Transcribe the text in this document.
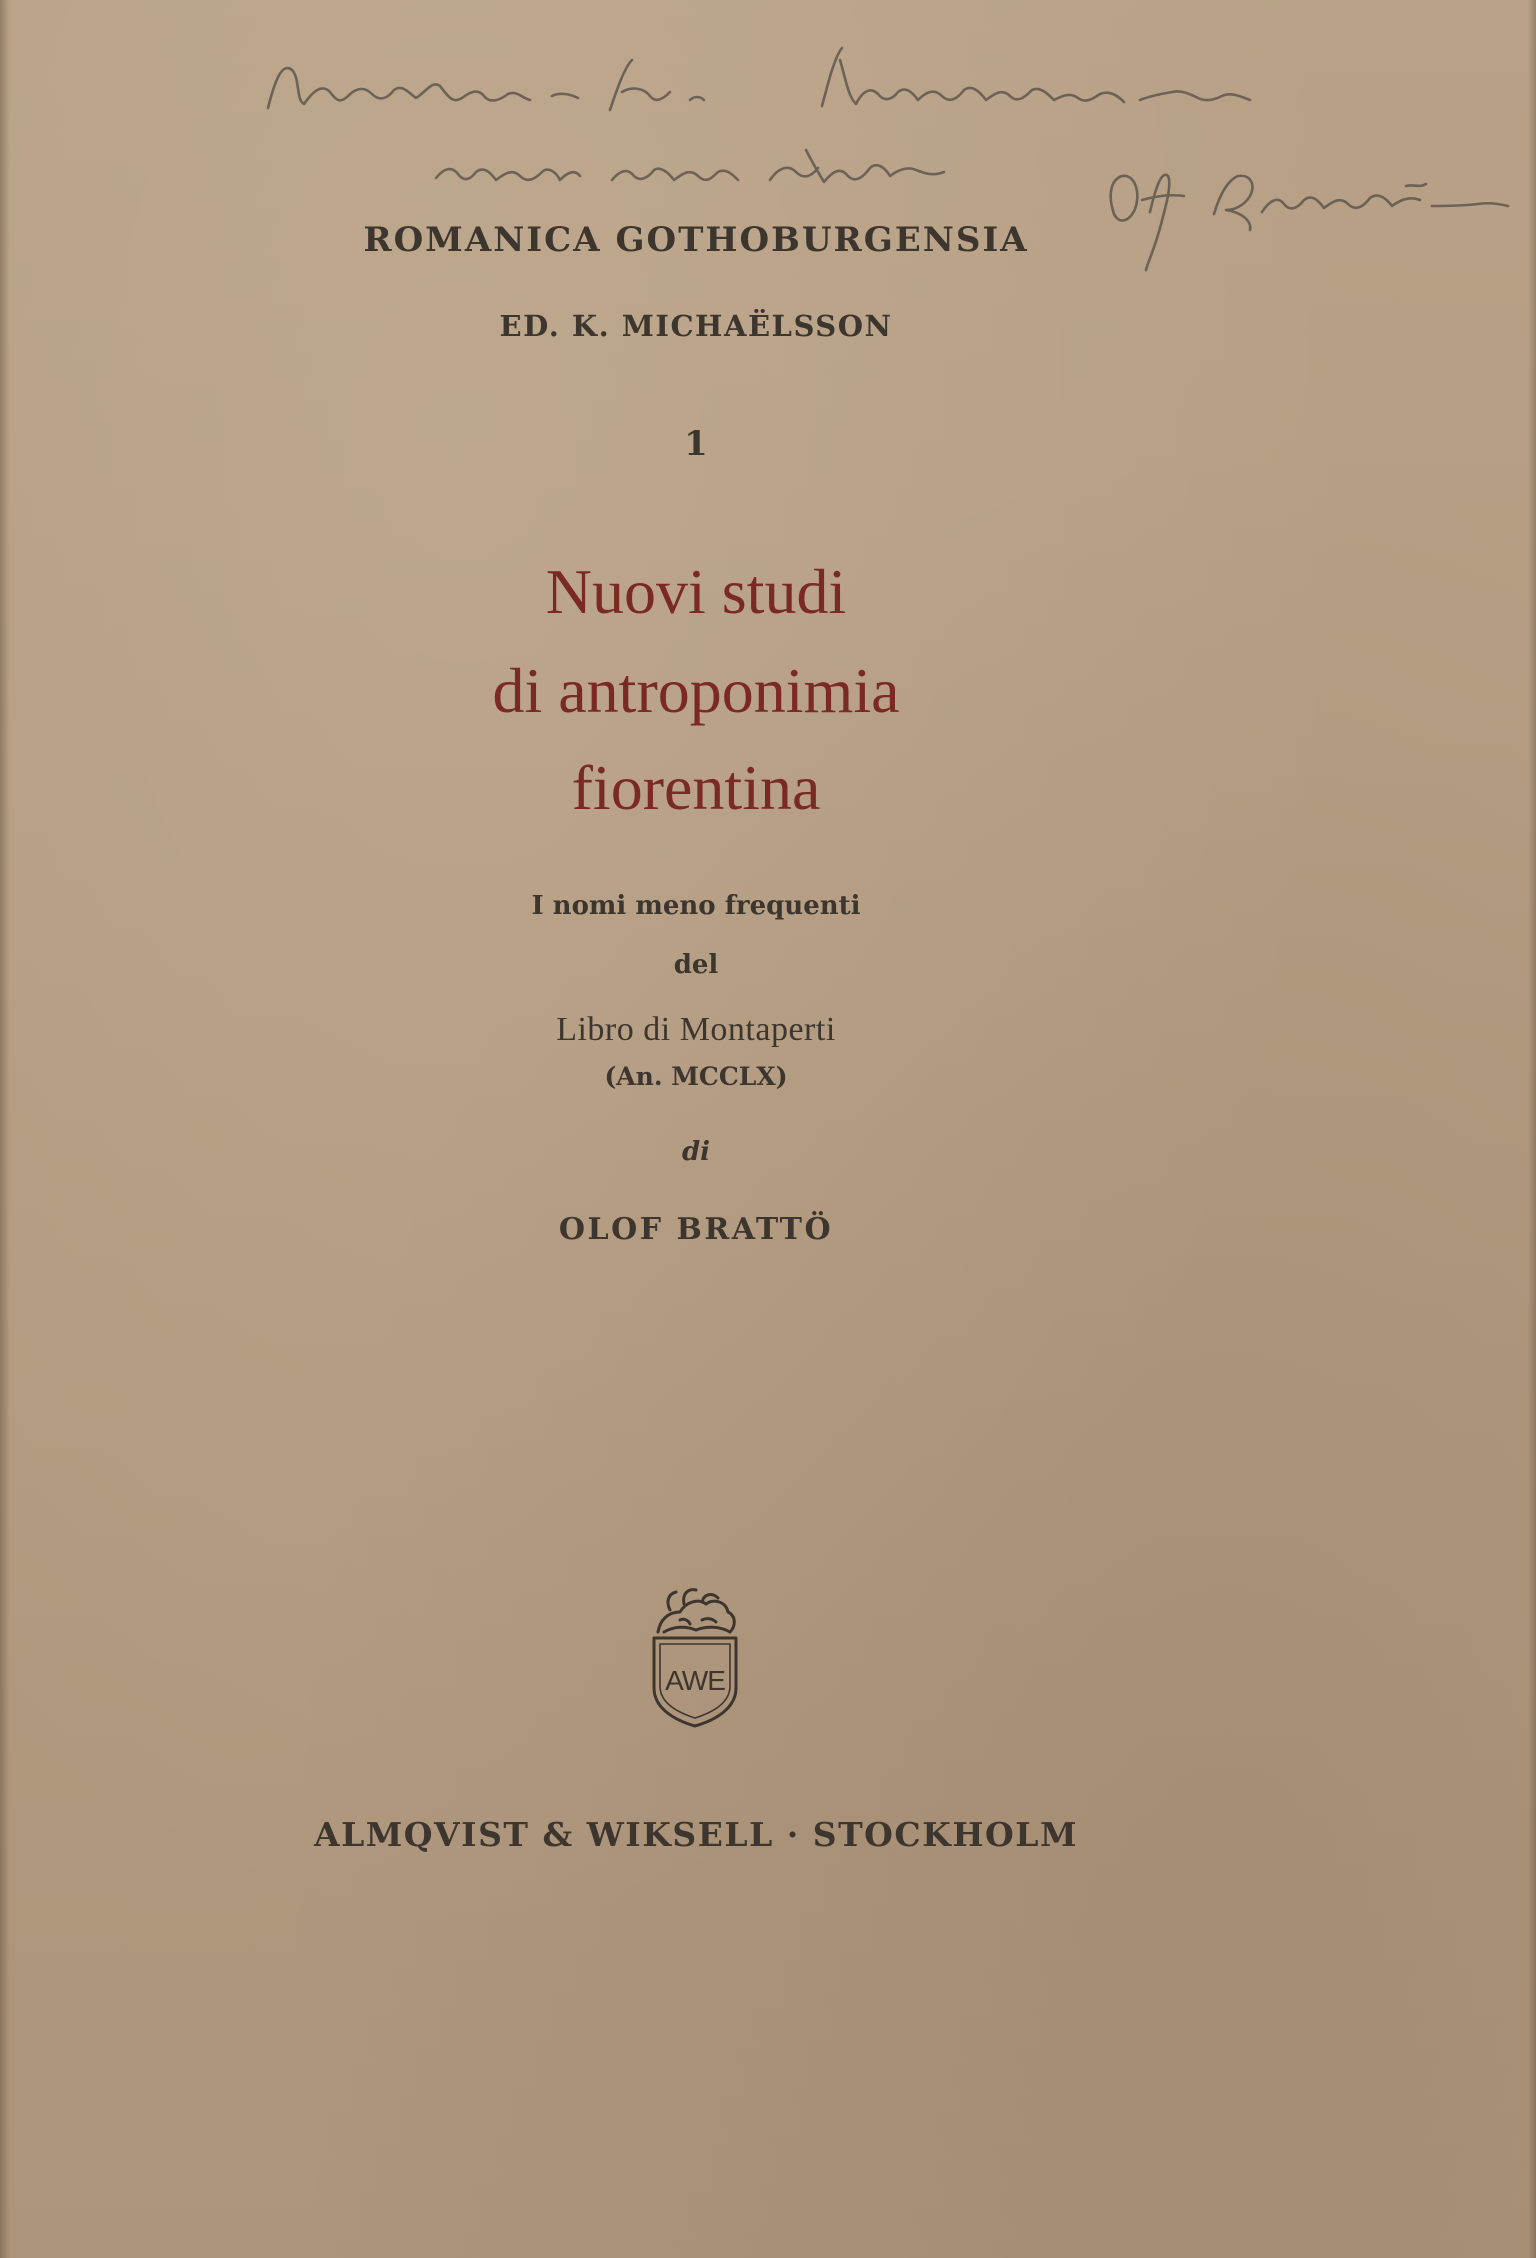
ROMANICA GOTHOBURGENSIA
ED. K. MICHAËLSSON
1
Nuovi studi
di antroponimia
fiorentina
I nomi meno frequenti
del
Libro di Montaperti
(An. MCCLX)
di
OLOF BRATTÖ
AWE
ALMQVIST & WIKSELL · STOCKHOLM
